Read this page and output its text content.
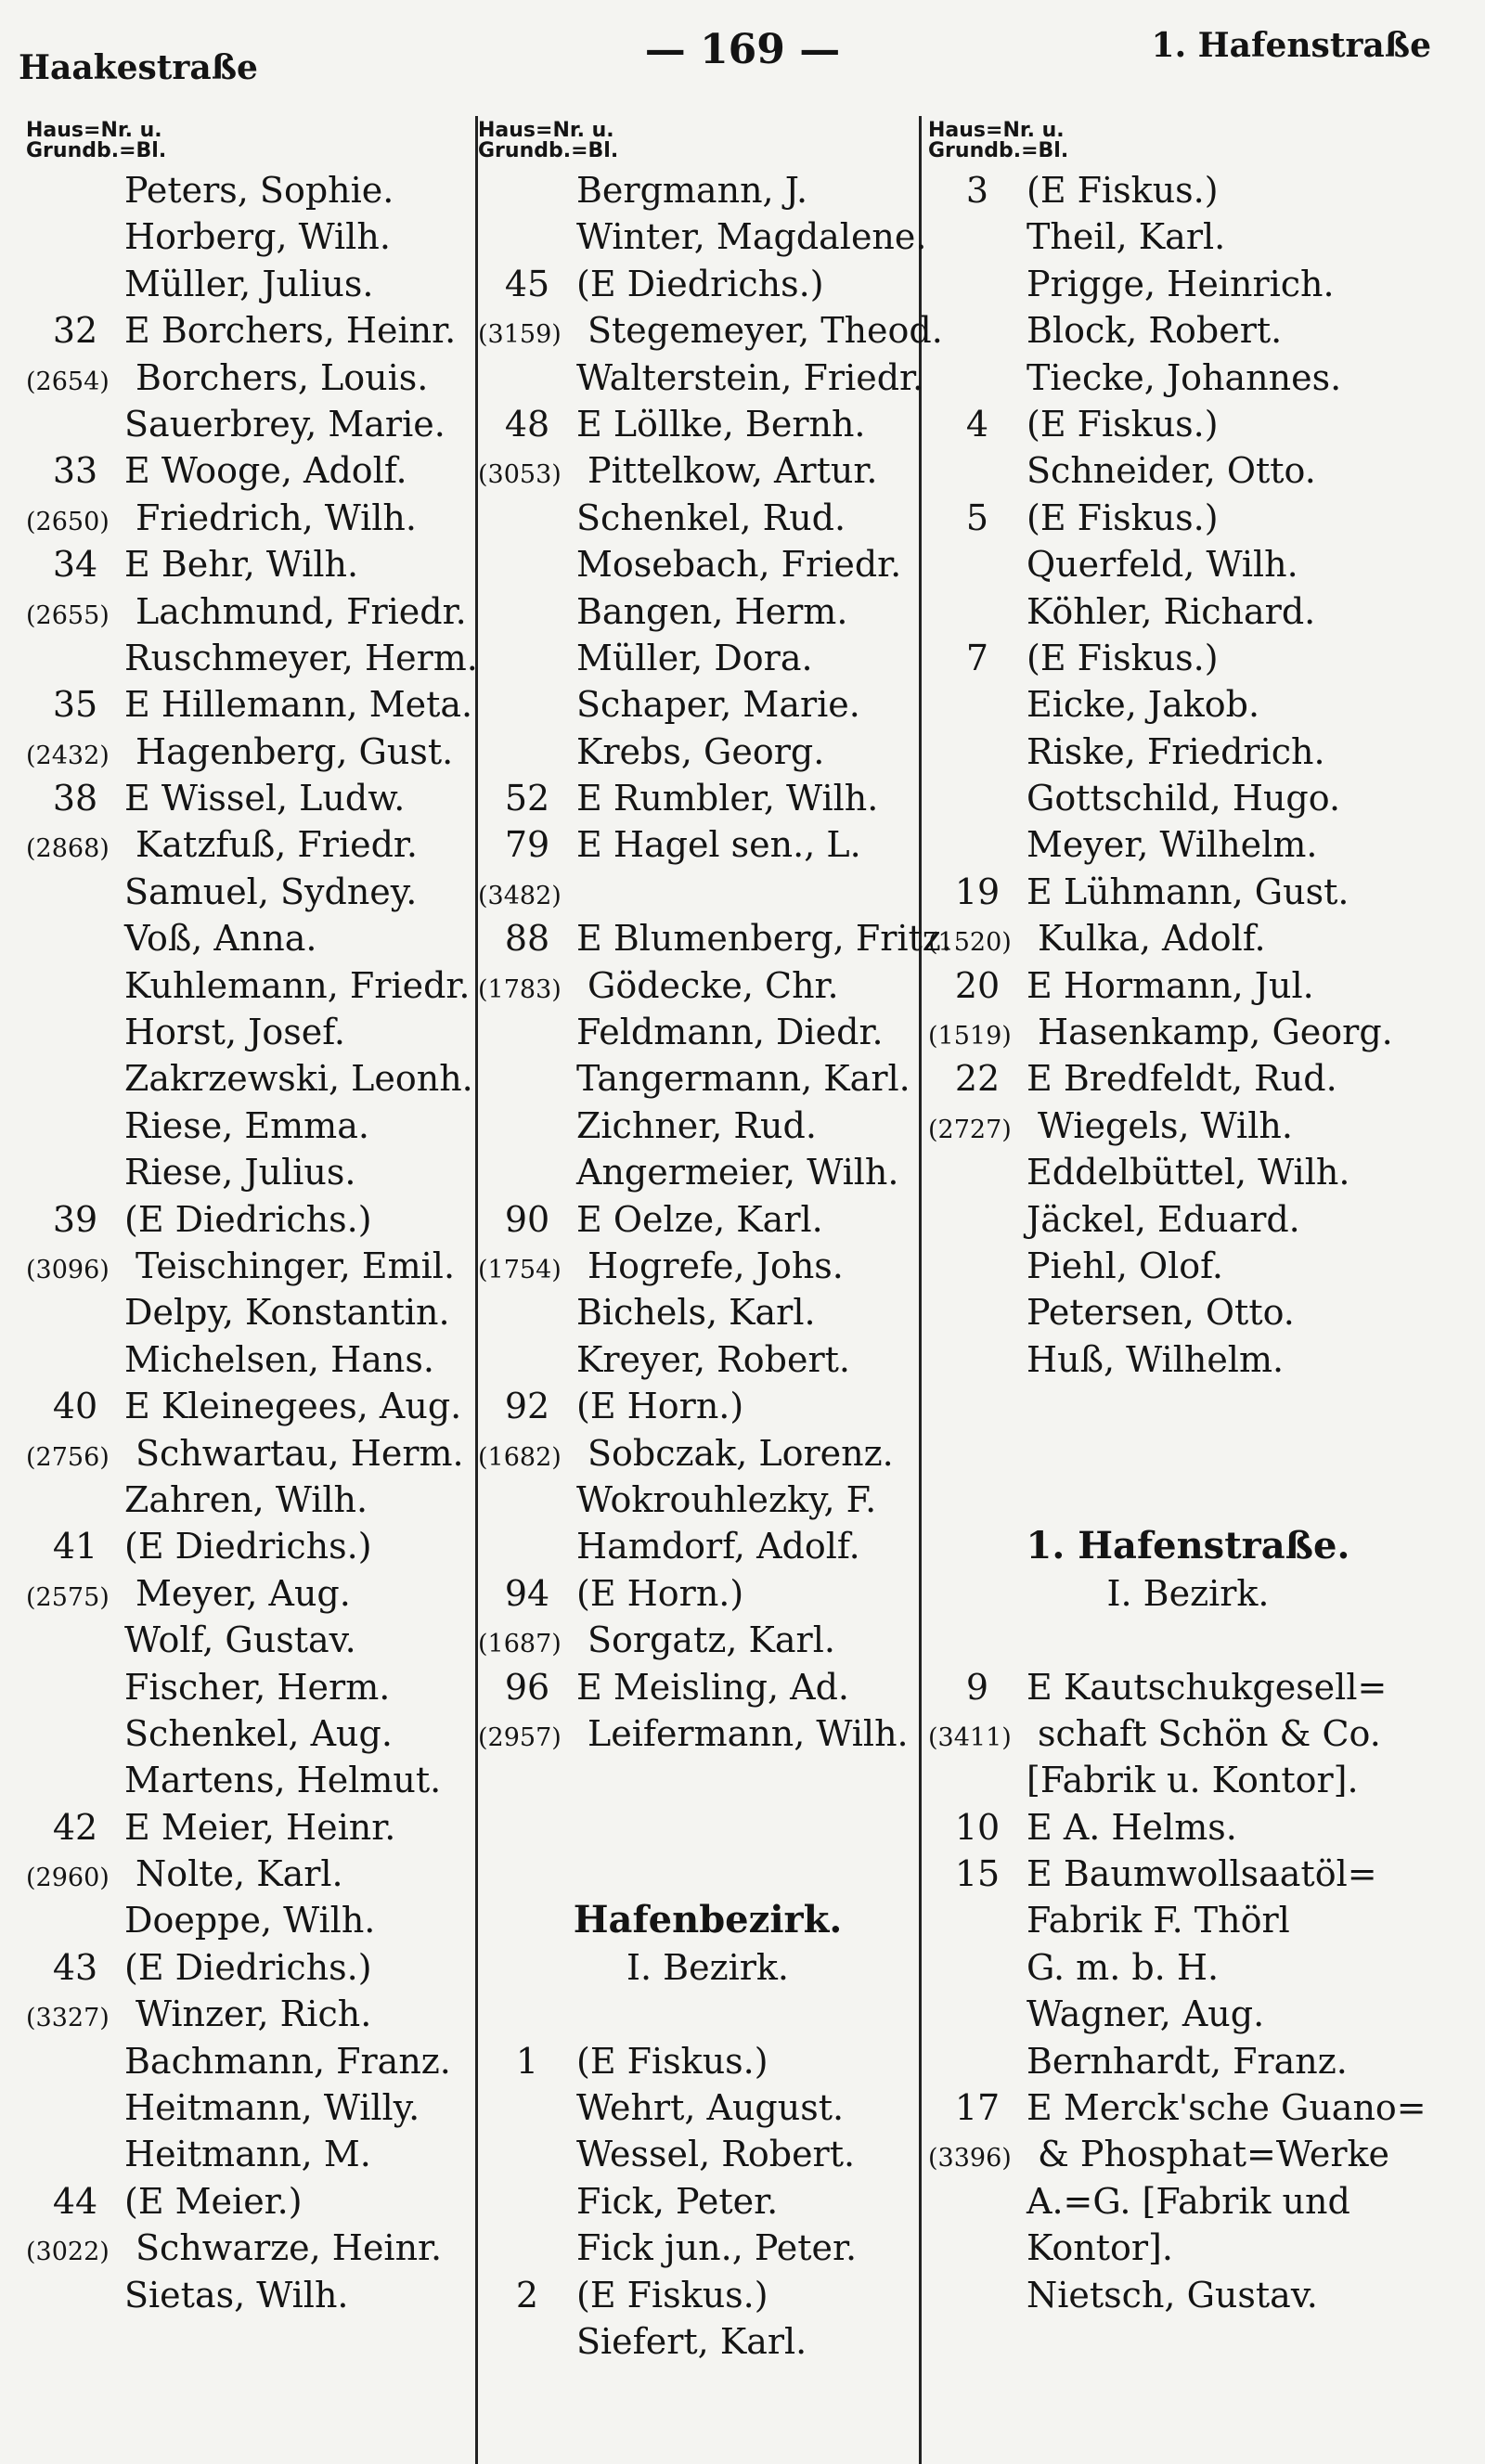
Haakestraße	— 169 —	1. Hafenstraße
Haus=Nr. u.
Grundb.=Bl.
Peters, Sophie.
Horberg, Wilh.
Müller, Julius.
32 E Borchers, Heinr.
(2654) Borchers, Louis.
Sauerbrey, Marie.
33 E Wooge, Adolf.
(2650) Friedrich, Wilh.
34 E Behr, Wilh.
(2655) Lachmund, Friedr.
Ruschmeyer, Herm.
35 E Hillemann, Meta.
(2432) Hagenberg, Gust.
38 E Wissel, Ludw.
(2868) Katzfuß, Friedr.
Samuel, Sydney.
Voß, Anna.
Kuhlemann, Friedr.
Horst, Josef.
Zakrzewski, Leonh.
Riese, Emma.
Riese, Julius.
39 (E Diedrichs.)
(3096) Teischinger, Emil.
Delpy, Konstantin.
Michelsen, Hans.
40 E Kleinegees, Aug.
(2756) Schwartau, Herm.
Zahren, Wilh.
41 (E Diedrichs.)
(2575) Meyer, Aug.
Wolf, Gustav.
Fischer, Herm.
Schenkel, Aug.
Martens, Helmut.
42 E Meier, Heinr.
(2960) Nolte, Karl.
Doeppe, Wilh.
43 (E Diedrichs.)
(3327) Winzer, Rich.
Bachmann, Franz.
Heitmann, Willy.
Heitmann, M.
44 (E Meier.)
(3022) Schwarze, Heinr.
Sietas, Wilh.
Haus=Nr. u.
Grundb.=Bl.
Bergmann, J.
Winter, Magdalene.
45 (E Diedrichs.)
(3159) Stegemeyer, Theod.
Walterstein, Friedr.
48 E Löllke, Bernh.
(3053) Pittelkow, Artur.
Schenkel, Rud.
Mosebach, Friedr.
Bangen, Herm.
Müller, Dora.
Schaper, Marie.
Krebs, Georg.
52 E Rumbler, Wilh.
79 E Hagel sen., L.
(3482)
88 E Blumenberg, Fritz.
(1783) Gödecke, Chr.
Feldmann, Diedr.
Tangermann, Karl.
Zichner, Rud.
Angermeier, Wilh.
90 E Oelze, Karl.
(1754) Hogrefe, Johs.
Bichels, Karl.
Kreyer, Robert.
92 (E Horn.)
(1682) Sobczak, Lorenz.
Wokrouhlezky, F.
Hamdorf, Adolf.
94 (E Horn.)
(1687) Sorgatz, Karl.
96 E Meisling, Ad.
(2957) Leifermann, Wilh.
Hafenbezirk.
I. Bezirk.
1 (E Fiskus.)
Wehrt, August.
Wessel, Robert.
Fick, Peter.
Fick jun., Peter.
2 (E Fiskus.)
Siefert, Karl.
Haus=Nr. u.
Grundb.=Bl.
3 (E Fiskus.)
Theil, Karl.
Prigge, Heinrich.
Block, Robert.
Tiecke, Johannes.
4 (E Fiskus.)
Schneider, Otto.
5 (E Fiskus.)
Querfeld, Wilh.
Köhler, Richard.
7 (E Fiskus.)
Eicke, Jakob.
Riske, Friedrich.
Gottschild, Hugo.
Meyer, Wilhelm.
19 E Lühmann, Gust.
(1520) Kulka, Adolf.
20 E Hormann, Jul.
(1519) Hasenkamp, Georg.
22 E Bredfeldt, Rud.
(2727) Wiegels, Wilh.
Eddelbüttel, Wilh.
Jäckel, Eduard.
Piehl, Olof.
Petersen, Otto.
Huß, Wilhelm.
1. Hafenstraße.
I. Bezirk.
9 E Kautschukgesell=
(3411) schaft Schön & Co.
[Fabrik u. Kontor].
10 E A. Helms.
15 E Baumwollsaatöl=
Fabrik F. Thörl
G. m. b. H.
Wagner, Aug.
Bernhardt, Franz.
17 E Merck'sche Guano=
(3396) & Phosphat=Werke
A.=G. [Fabrik und
Kontor].
Nietsch, Gustav.
